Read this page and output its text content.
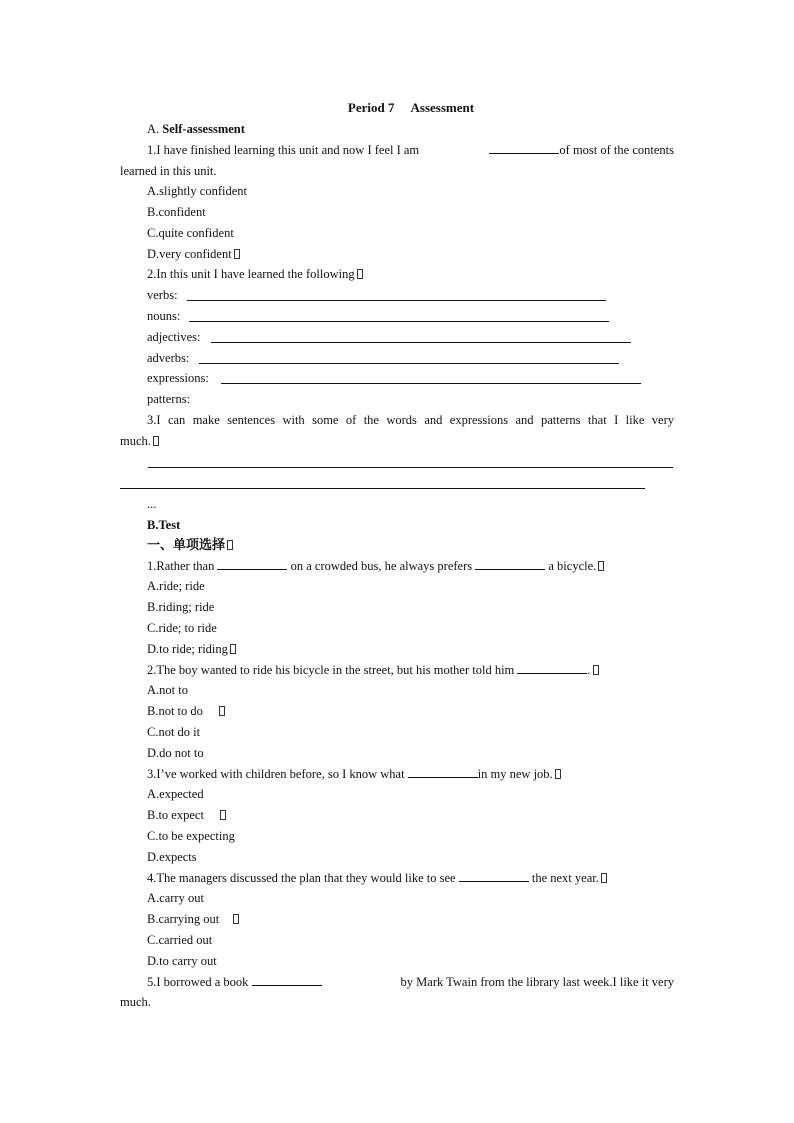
Period 7 Assessment
A. Self-assessment
1.I have finished learning this unit and now I feel I am	of most of the contents
learned in this unit.
A.slightly confident
B.confident
C.quite confident
D.very confident
2.In this unit I have learned the following
verbs:
nouns:
adjectives:
adverbs:
expressions:
patterns:
3.I can make sentences with some of the words and expressions and patterns that I like very
much.
...
B.Test
一、单项选择
1.Rather than	on a crowded bus, he always prefers	a bicycle.
A.ride; ride
B.riding; ride
C.ride; to ride
D.to ride; riding
2.The boy wanted to ride his bicycle in the street, but his mother told him	.
A.not to
B.not to do
C.not do it
D.do not to
3.I’ve worked with children before, so I know what	in my new job.
A.expected
B.to expect
C.to be expecting
D.expects
4.The managers discussed the plan that they would like to see	the next year.
A.carry out
B.carrying out
C.carried out
D.to carry out
5.I borrowed a book	by Mark Twain from the library last week.I like it very
much.
